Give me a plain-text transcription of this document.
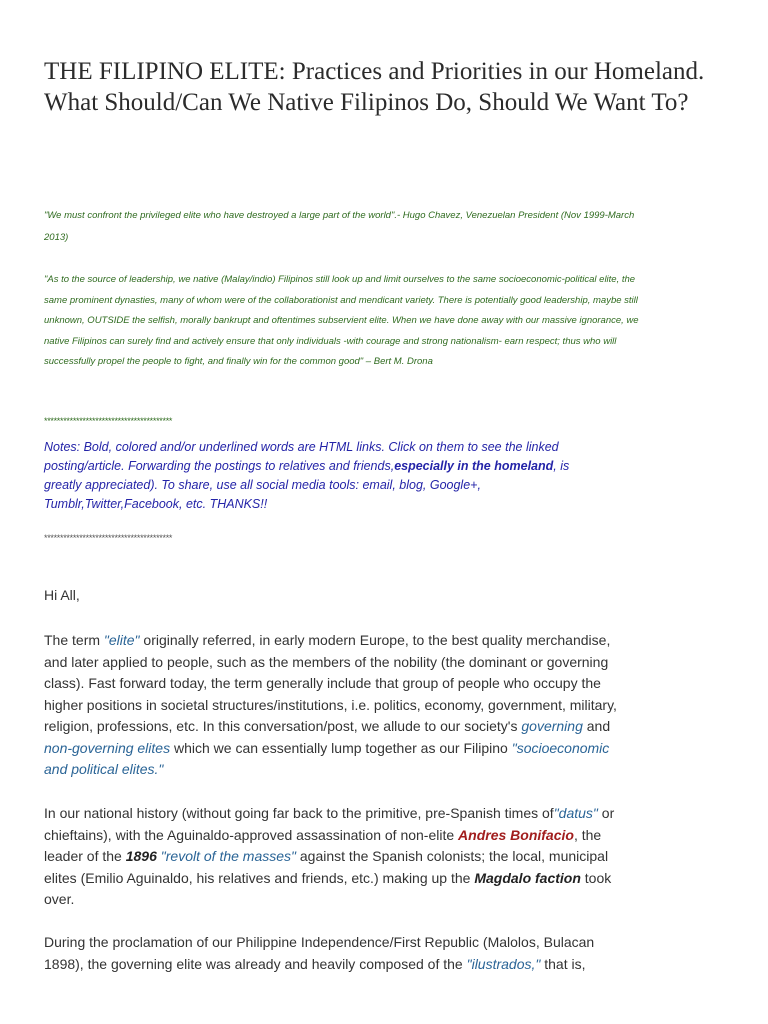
THE FILIPINO ELITE: Practices and Priorities in our Homeland. What Should/Can We Native Filipinos Do, Should We Want To?
"We must confront the privileged elite who have destroyed a large part of the world".- Hugo Chavez, Venezuelan President (Nov 1999-March 2013)
"As to the source of leadership, we native (Malay/indio) Filipinos still look up and limit ourselves to the same socioeconomic-political elite, the same prominent dynasties, many of whom were of the collaborationist and mendicant variety. There is potentially good leadership, maybe still unknown, OUTSIDE the selfish, morally bankrupt and oftentimes subservient elite. When we have done away with our massive ignorance, we native Filipinos can surely find and actively ensure that only individuals -with courage and strong nationalism- earn respect; thus who will successfully propel the people to fight, and finally win for the common good" – Bert M. Drona
****************************************
Notes: Bold, colored and/or underlined words are HTML links. Click on them to see the linked posting/article. Forwarding the postings to relatives and friends,especially in the homeland, is greatly appreciated). To share, use all social media tools: email, blog, Google+, Tumblr,Twitter,Facebook, etc. THANKS!!
****************************************
Hi All,
The term "elite" originally referred, in early modern Europe, to the best quality merchandise, and later applied to people, such as the members of the nobility (the dominant or governing class). Fast forward today, the term generally include that group of people who occupy the higher positions in societal structures/institutions, i.e. politics, economy, government, military, religion, professions, etc. In this conversation/post, we allude to our society's governing and non-governing elites which we can essentially lump together as our Filipino "socioeconomic and political elites."
In our national history (without going far back to the primitive, pre-Spanish times of"datus" or chieftains), with the Aguinaldo-approved assassination of non-elite Andres Bonifacio, the leader of the 1896 "revolt of the masses" against the Spanish colonists; the local, municipal elites (Emilio Aguinaldo, his relatives and friends, etc.) making up the Magdalo faction took over.
During the proclamation of our Philippine Independence/First Republic (Malolos, Bulacan 1898), the governing elite was already and heavily composed of the "ilustrados," that is,
